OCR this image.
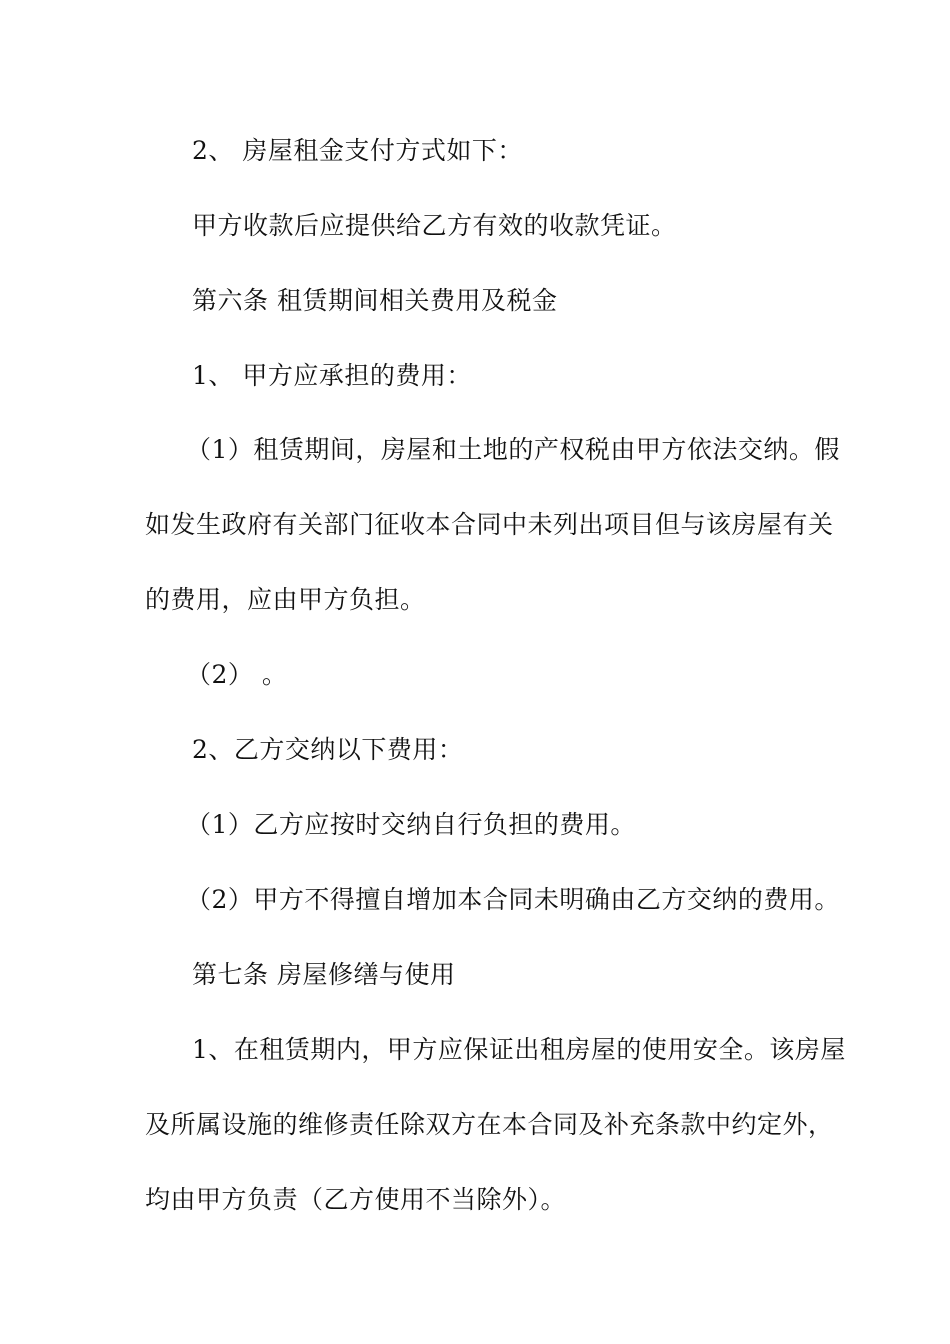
2、 房屋租金支付方式如下：
甲方收款后应提供给乙方有效的收款凭证。
第六条 租赁期间相关费用及税金
1、 甲方应承担的费用：
（1）租赁期间，房屋和土地的产权税由甲方依法交纳。假
如发生政府有关部门征收本合同中未列出项目但与该房屋有关
的费用，应由甲方负担。
（2） 。
2、乙方交纳以下费用：
（1）乙方应按时交纳自行负担的费用。
（2）甲方不得擅自增加本合同未明确由乙方交纳的费用。
第七条 房屋修缮与使用
1、在租赁期内，甲方应保证出租房屋的使用安全。该房屋
及所属设施的维修责任除双方在本合同及补充条款中约定外，
均由甲方负责（乙方使用不当除外）。
